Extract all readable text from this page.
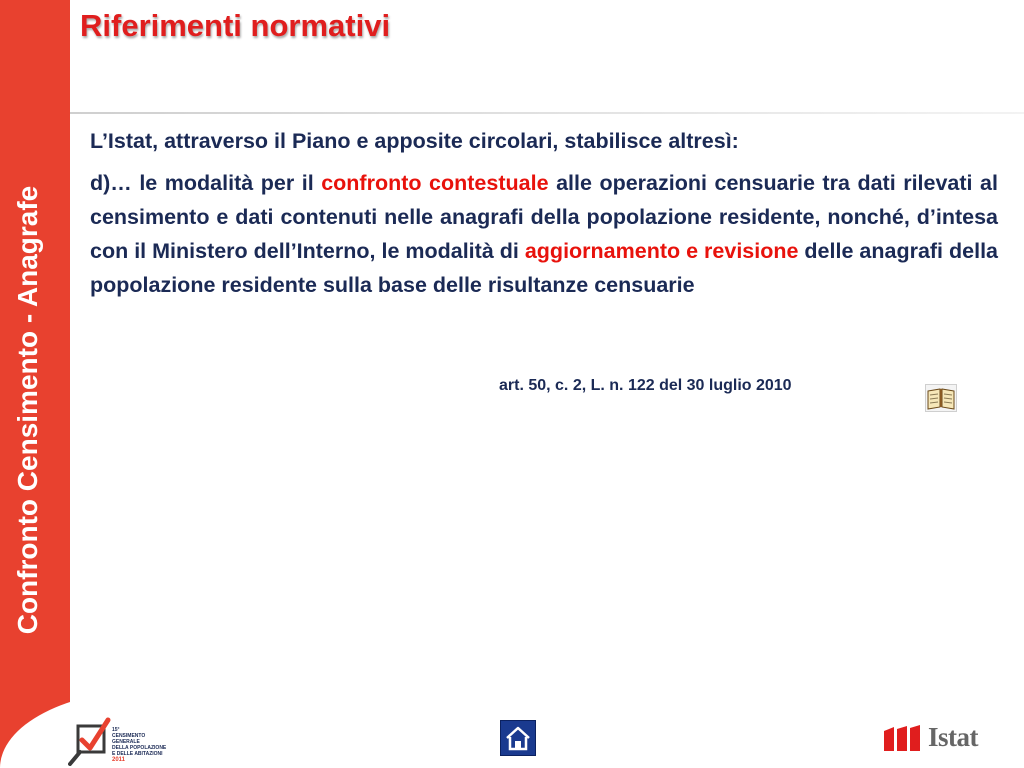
Confronto Censimento - Anagrafe
Riferimenti normativi

L’Istat, attraverso il Piano e apposite circolari, stabilisce altresì:

d)… le modalità per il confronto contestuale alle operazioni censuarie tra dati rilevati al censimento e dati contenuti nelle anagrafi della popolazione residente, nonché, d’intesa con il Ministero dell’Interno, le modalità di aggiornamento e revisione delle anagrafi della popolazione residente sulla base delle risultanze censuarie

art. 50, c. 2, L. n. 122 del 30 luglio 2010
15°
CENSIMENTO GENERALE
DELLA POPOLAZIONE
E DELLE ABITAZIONI
2011
Istat
